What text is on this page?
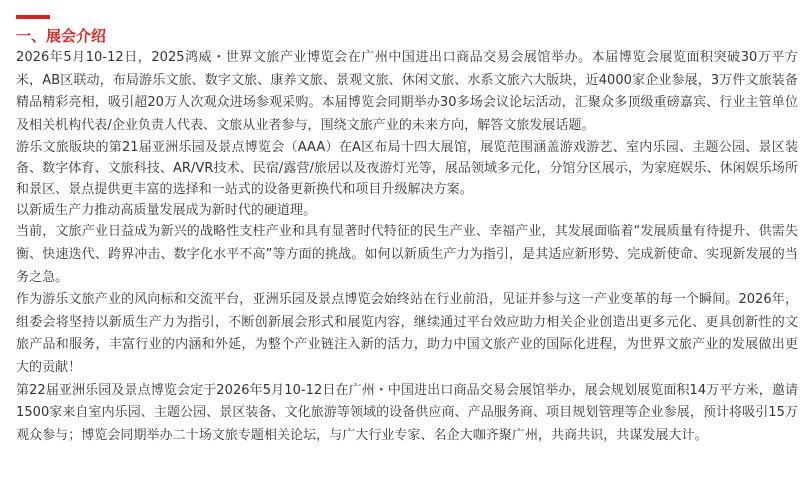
一、展会介绍

2026年5月10-12日，2025鸿威・世界文旅产业博览会在广州中国进出口商品交易会展馆举办。本届博览会展览面积突破30万平方米，AB区联动，布局游乐文旅、数字文旅、康养文旅、景观文旅、休闲文旅、水系文旅六大版块，近4000家企业参展，3万件文旅装备精品精彩亮相，吸引超20万人次观众进场参观采购。本届博览会同期举办30多场会议论坛活动，汇聚众多顶级重磅嘉宾、行业主管单位及相关机构代表/企业负责人代表、文旅从业者参与，围绕文旅产业的未来方向，解答文旅发展话题。

游乐文旅版块的第21届亚洲乐园及景点博览会（AAA）在A区布局十四大展馆，展览范围涵盖游戏游艺、室内乐园、主题公园、景区装备、数字体育、文旅科技、AR/VR技术、民宿/露营/旅居以及夜游灯光等，展品领域多元化，分馆分区展示，为家庭娱乐、休闲娱乐场所和景区、景点提供更丰富的选择和一站式的设备更新换代和项目升级解决方案。

以新质生产力推动高质量发展成为新时代的硬道理。

当前，文旅产业日益成为新兴的战略性支柱产业和具有显著时代特征的民生产业、幸福产业，其发展面临着“发展质量有待提升、供需失衡、快速迭代、跨界冲击、数字化水平不高”等方面的挑战。如何以新质生产力为指引，是其适应新形势、完成新使命、实现新发展的当务之急。

作为游乐文旅产业的风向标和交流平台，亚洲乐园及景点博览会始终站在行业前沿，见证并参与这一产业变革的每一个瞬间。2026年，组委会将坚持以新质生产力为指引，不断创新展会形式和展览内容，继续通过平台效应助力相关企业创造出更多元化、更具创新性的文旅产品和服务，丰富行业的内涵和外延，为整个产业链注入新的活力，助力中国文旅产业的国际化进程，为世界文旅产业的发展做出更大的贡献！

第22届亚洲乐园及景点博览会定于2026年5月10-12日在广州・中国进出口商品交易会展馆举办，展会规划展览面积14万平方米，邀请1500家来自室内乐园、主题公园、景区装备、文化旅游等领域的设备供应商、产品服务商、项目规划管理等企业参展，预计将吸引15万观众参与；博览会同期举办二十场文旅专题相关论坛，与广大行业专家、名企大咖齐聚广州，共商共识，共谋发展大计。
